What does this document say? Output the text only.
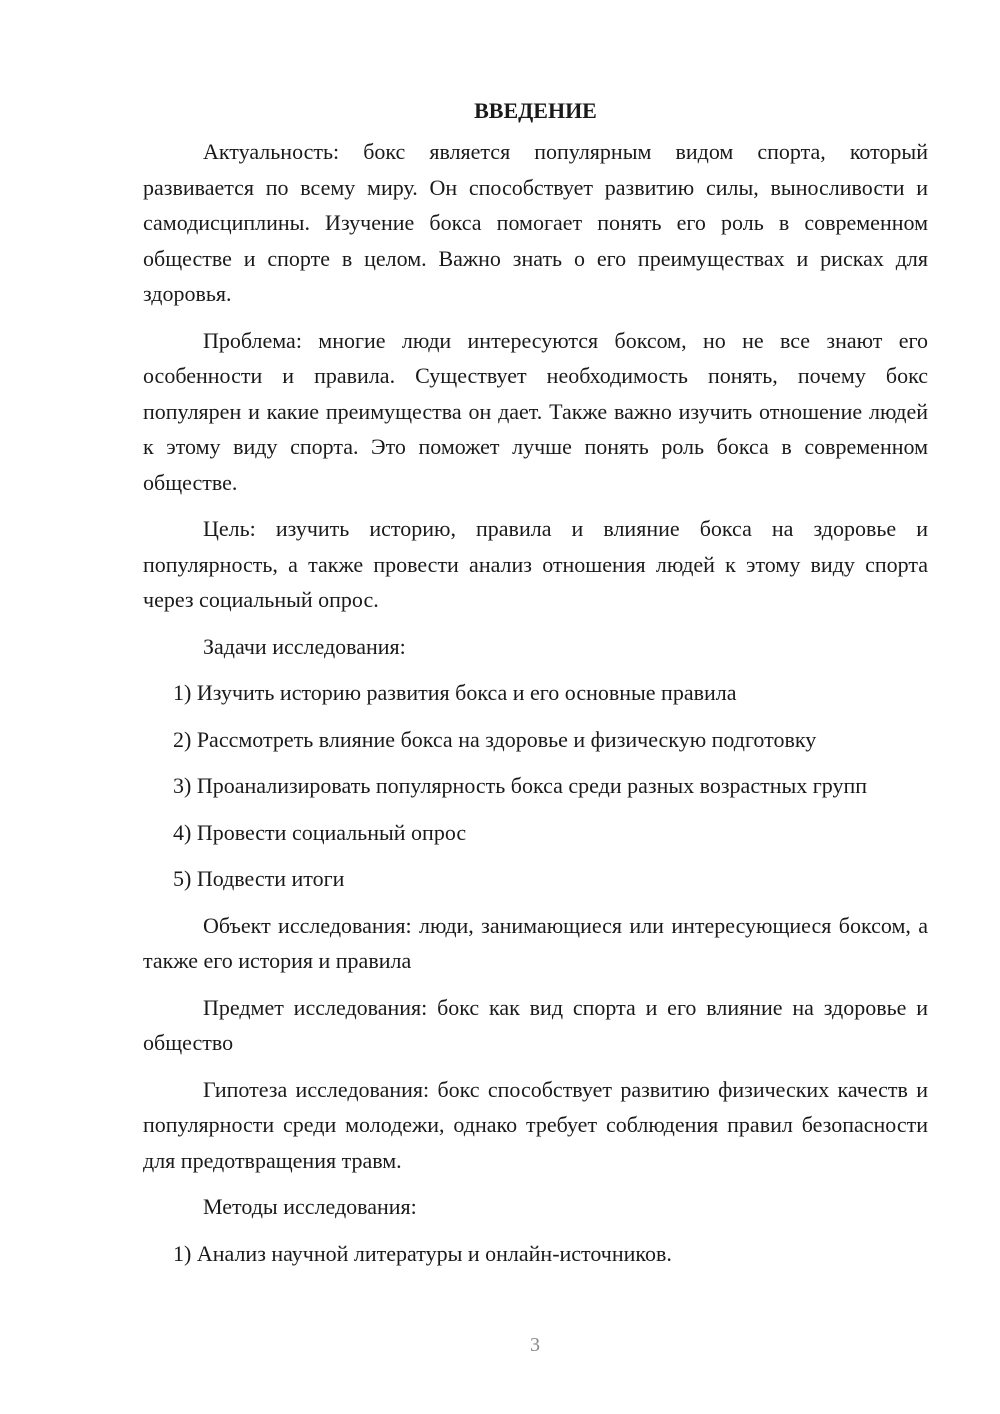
ВВЕДЕНИЕ

Актуальность: бокс является популярным видом спорта, который развивается по всему миру. Он способствует развитию силы, выносливости и самодисциплины. Изучение бокса помогает понять его роль в современном обществе и спорте в целом. Важно знать о его преимуществах и рисках для здоровья.

Проблема: многие люди интересуются боксом, но не все знают его особенности и правила. Существует необходимость понять, почему бокс популярен и какие преимущества он дает. Также важно изучить отношение людей к этому виду спорта. Это поможет лучше понять роль бокса в современном обществе.

Цель: изучить историю, правила и влияние бокса на здоровье и популярность, а также провести анализ отношения людей к этому виду спорта через социальный опрос.

Задачи исследования:

1) Изучить историю развития бокса и его основные правила

2) Рассмотреть влияние бокса на здоровье и физическую подготовку

3) Проанализировать популярность бокса среди разных возрастных групп

4) Провести социальный опрос

5) Подвести итоги

Объект исследования: люди, занимающиеся или интересующиеся боксом, а также его история и правила

Предмет исследования: бокс как вид спорта и его влияние на здоровье и общество

Гипотеза исследования: бокс способствует развитию физических качеств и популярности среди молодежи, однако требует соблюдения правил безопасности для предотвращения травм.

Методы исследования:

1) Анализ научной литературы и онлайн-источников.

3
